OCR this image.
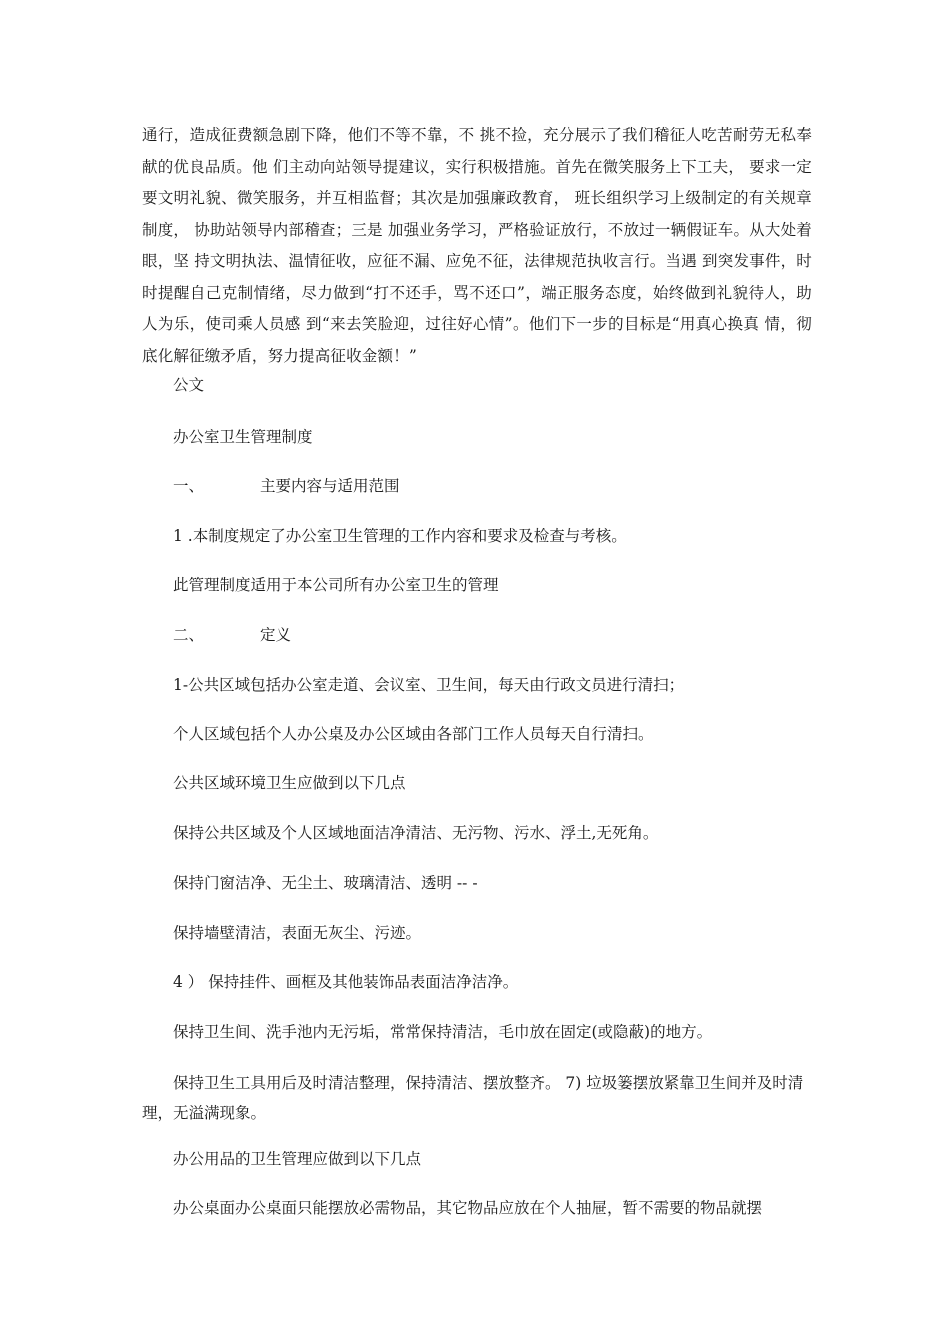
通行，造成征费额急剧下降，他们不等不靠，不 挑不捡，充分展示了我们稽征人吃苦耐劳无私奉献的优良品质。他 们主动向站领导提建议，实行积极措施。首先在微笑服务上下工夫， 要求一定要文明礼貌、微笑服务，并互相监督；其次是加强廉政教育， 班长组织学习上级制定的有关规章制度， 协助站领导内部稽查；三是 加强业务学习，严格验证放行，不放过一辆假证车。从大处着眼，坚 持文明执法、温情征收，应征不漏、应免不征，法律规范执收言行。当遇 到突发事件，时时提醒自己克制情绪，尽力做到“打不还手，骂不还口”，端正服务态度，始终做到礼貌待人，助人为乐，使司乘人员感 到“来去笑脸迎，过往好心情”。他们下一步的目标是“用真心换真 情，彻底化解征缴矛盾，努力提高征收金额！”

公文

办公室卫生管理制度

一、	主要内容与适用范围

1 .本制度规定了办公室卫生管理的工作内容和要求及检查与考核。

此管理制度适用于本公司所有办公室卫生的管理

二、	定义

1-公共区域包括办公室走道、会议室、卫生间，每天由行政文员进行清扫；

个人区域包括个人办公桌及办公区域由各部门工作人员每天自行清扫。

公共区域环境卫生应做到以下几点

保持公共区域及个人区域地面洁净清洁、无污物、污水、浮土,无死角。

保持门窗洁净、无尘土、玻璃清洁、透明 -- -

保持墙壁清洁，表面无灰尘、污迹。

4 ） 保持挂件、画框及其他装饰品表面洁净洁净。

保持卫生间、洗手池内无污垢，常常保持清洁，毛巾放在固定(或隐蔽)的地方。

保持卫生工具用后及时清洁整理，保持清洁、摆放整齐。 7) 垃圾篓摆放紧靠卫生间并及时清理，无溢满现象。

办公用品的卫生管理应做到以下几点

办公桌面办公桌面只能摆放必需物品，其它物品应放在个人抽屉，暂不需要的物品就摆
